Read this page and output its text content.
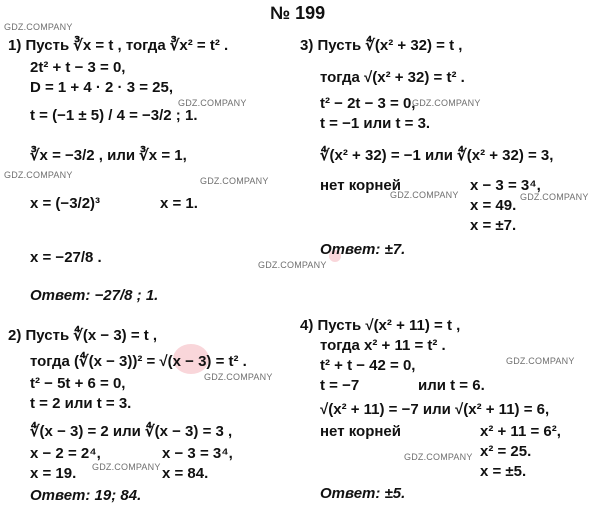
№ 199
1) Пусть ∛x = t , тогда ∛x² = t² .
2t² + t − 3 = 0,
D = 1 + 4 · 2 · 3 = 25,
t = (−1 ± 5) / 4 = −3/2 ; 1.
∛x = −3/2 , или ∛x = 1,
x = (−3/2)³	x = 1.
x = −27/8 .
Ответ: −27/8 ; 1.
2) Пусть ∜(x − 3) = t ,
тогда (∜(x − 3))² = √(x − 3) = t² .
t² − 5t + 6 = 0,
t = 2 или t = 3.
∜(x − 3) = 2 или ∜(x − 3) = 3 ,
x − 2 = 2⁴,	x − 3 = 3⁴,
x = 19.	x = 84.
Ответ: 19; 84.
3) Пусть ∜(x² + 32) = t ,
тогда √(x² + 32) = t² .
t² − 2t − 3 = 0,
t = −1 или t = 3.
∜(x² + 32) = −1 или ∜(x² + 32) = 3,
нет корней	x − 3 = 3⁴,
x = 49.
x = ±7.
Ответ: ±7.
4) Пусть √(x² + 11) = t ,
тогда x² + 11 = t² .
t² + t − 42 = 0,
t = −7	или t = 6.
√(x² + 11) = −7 или √(x² + 11) = 6,
нет корней	x² + 11 = 6²,
x² = 25.
x = ±5.
Ответ: ±5.
GDZ.COMPANY
GDZ.COMPANY	GDZ.COMPANY
GDZ.COMPANY
GDZ.COMPANY
GDZ.COMPANY	GDZ.COMPANY
GDZ.COMPANY
GDZ.COMPANY
GDZ.COMPANY
GDZ.COMPANY
GDZ.COMPANY
